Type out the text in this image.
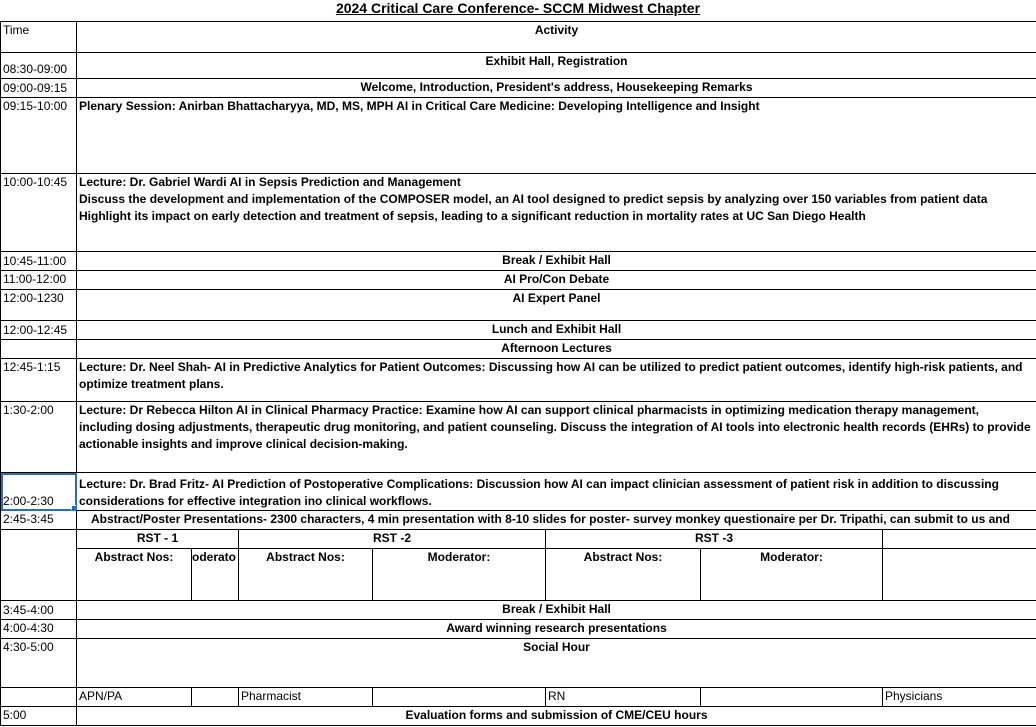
2024 Critical Care Conference- SCCM Midwest Chapter
Time	Activity						
08:30-09:00	Exhibit Hall, Registration						
09:00-09:15	Welcome, Introduction, President's address, Housekeeping Remarks						
09:15-10:00	Plenary Session: Anirban Bhattacharyya, MD, MS, MPH AI in Critical Care Medicine: Developing Intelligence and Insight						
10:00-10:45	Lecture: Dr. Gabriel Wardi AI in Sepsis Prediction and Management
Discuss the development and implementation of the COMPOSER model, an AI tool designed to predict sepsis by analyzing over 150 variables from patient data
Highlight its impact on early detection and treatment of sepsis, leading to a significant reduction in mortality rates at UC San Diego Health						

10:45-11:00	Break / Exhibit Hall						
11:00-12:00	AI Pro/Con Debate						
12:00-1230	AI Expert Panel						
12:00-12:45	Lunch and Exhibit Hall						
	Afternoon Lectures						
12:45-1:15	Lecture: Dr. Neel Shah- AI in Predictive Analytics for Patient Outcomes: Discussing how AI can be utilized to predict patient outcomes, identify high-risk patients, and optimize treatment plans.						
1:30-2:00	Lecture: Dr Rebecca Hilton AI in Clinical Pharmacy Practice: Examine how AI can support clinical pharmacists in optimizing medication therapy management, including dosing adjustments, therapeutic drug monitoring, and patient counseling. Discuss the integration of AI tools into electronic health records (EHRs) to provide actionable insights and improve clinical decision-making.						
2:00-2:30	Lecture: Dr. Brad Fritz- AI Prediction of Postoperative Complications: Discussion how AI can impact clinician assessment of patient risk in addition to discussing considerations for effective integration ino clinical workflows.						
2:45-3:45	Abstract/Poster Presentations- 2300 characters, 4 min presentation with 8-10 slides for poster- survey monkey questionaire per Dr. Tripathi, can submit to us and						
	RST - 1		RST -2		RST -3		
	Abstract Nos:	oderato	Abstract Nos:	Moderator:	Abstract Nos:	Moderator:	
3:45-4:00	Break / Exhibit Hall						
4:00-4:30	Award winning research presentations						
4:30-5:00	Social Hour						
	APN/PA		Pharmacist		RN		Physicians
5:00	Evaluation forms and submission of CME/CEU hours						
